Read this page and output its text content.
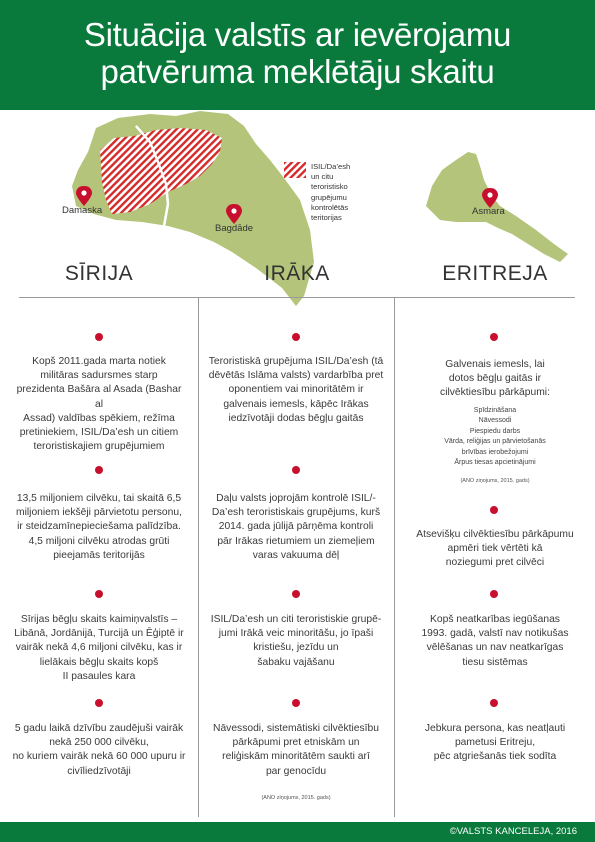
Situācija valstīs ar ievērojamu
patvēruma meklētāju skaitu
ISIL/Da’esh
un citu
teroristisko
grupējumu
kontrolētās
teritorijas
Damaska
Bagdāde
Asmara
SĪRIJA	IRĀKA	ERITREJA
Kopš 2011.gada marta notiek
militāras sadursmes starp
prezidenta Bašāra al Asada (Bashar al
Assad) valdības spēkiem, režīma
pretiniekiem, ISIL/Da’esh un citiem
teroristiskajiem grupējumiem
13,5 miljoniem cilvēku, tai skaitā 6,5
miljoniem iekšēji pārvietotu personu,
ir steidzamīnepieciešama palīdzība.
4,5 miljoni cilvēku atrodas grūti
pieejamās teritorijās
Sīrijas bēgļu skaits kaimiņvalstīs –
Libānā, Jordānijā, Turcijā un Ēģiptē ir
vairāk nekā 4,6 miljoni cilvēku, kas ir
lielākais bēgļu skaits kopš
II pasaules kara
5 gadu laikā dzīvību zaudējuši vairāk
nekā 250 000 cilvēku,
no kuriem vairāk nekā 60 000 upuru ir
civīliedzīvotāji
Teroristiskā grupējuma ISIL/Da’esh (tā
dēvētās Islāma valsts) vardarbība pret
oponentiem vai minoritātēm ir
galvenais iemesls, kāpēc Irākas
iedzīvotāji dodas bēgļu gaitās
Daļu valsts joprojām kontrolē ISIL/-
Da’esh teroristiskais grupējums, kurš
2014. gada jūlijā pārņēma kontroli
pār Irākas rietumiem un ziemeļiem
varas vakuuma dēļ
ISIL/Da’esh un citi teroristiskie grupē-
jumi Irākā veic minoritāšu, jo īpaši
kristiešu, jezīdu un
šabaku vajāšanu
Nāvessodi, sistemātiski cilvēktiesību
pārkāpumi pret etniskām un
reliģiskām minoritātēm saukti arī
par genocīdu
(ANO ziņojums, 2015. gads)
Galvenais iemesls, lai
dotos bēgļu gaitās ir
cilvēktiesību pārkāpumi:
Spīdzināšana
Nāvessodi
Piespiedu darbs
Vārda, reliģijas un pārvietošanās
brīvības ierobežojumi
Ārpus tiesas apcietinājumi
(ANO ziņojums, 2015. gads)
Atsevišķu cilvēktiesību pārkāpumu
apmēri tiek vērtēti kā
noziegumi pret cilvēci
Kopš neatkarības iegūšanas
1993. gadā, valstī nav notikušas
vēlēšanas un nav neatkarīgas
tiesu sistēmas
Jebkura persona, kas neatļauti
pametusi Eritreju,
pēc atgriešanās tiek sodīta
©VALSTS KANCELEJA, 2016
